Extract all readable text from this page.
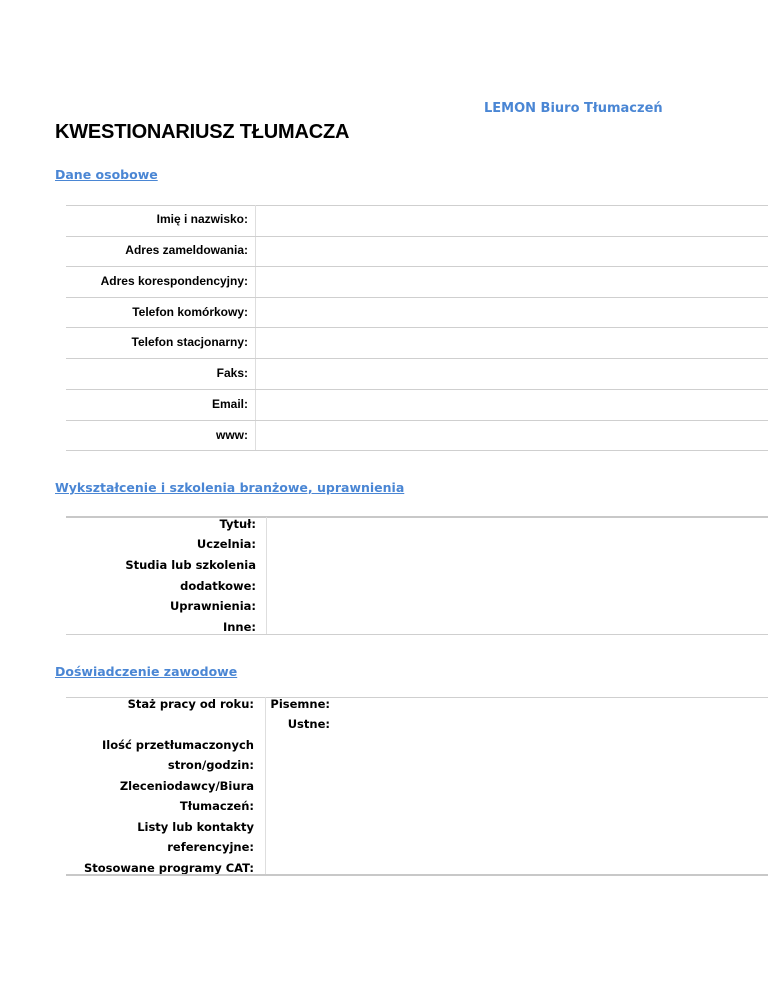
LEMON Biuro Tłumaczeń
KWESTIONARIUSZ TŁUMACZA
Dane osobowe
Imię i nazwisko:
Adres zameldowania:
Adres korespondencyjny:
Telefon komórkowy:
Telefon stacjonarny:
Faks:
Email:
www:
Wykształcenie i szkolenia branżowe, uprawnienia
Tytuł:
Uczelnia:
Studia lub szkolenia
dodatkowe:
Uprawnienia:
Inne:
Doświadczenie zawodowe
Staż pracy od roku:	Pisemne:
Ustne:
Ilość przetłumaczonych
stron/godzin:
Zleceniodawcy/Biura
Tłumaczeń:
Listy lub kontakty
referencyjne:
Stosowane programy CAT:
